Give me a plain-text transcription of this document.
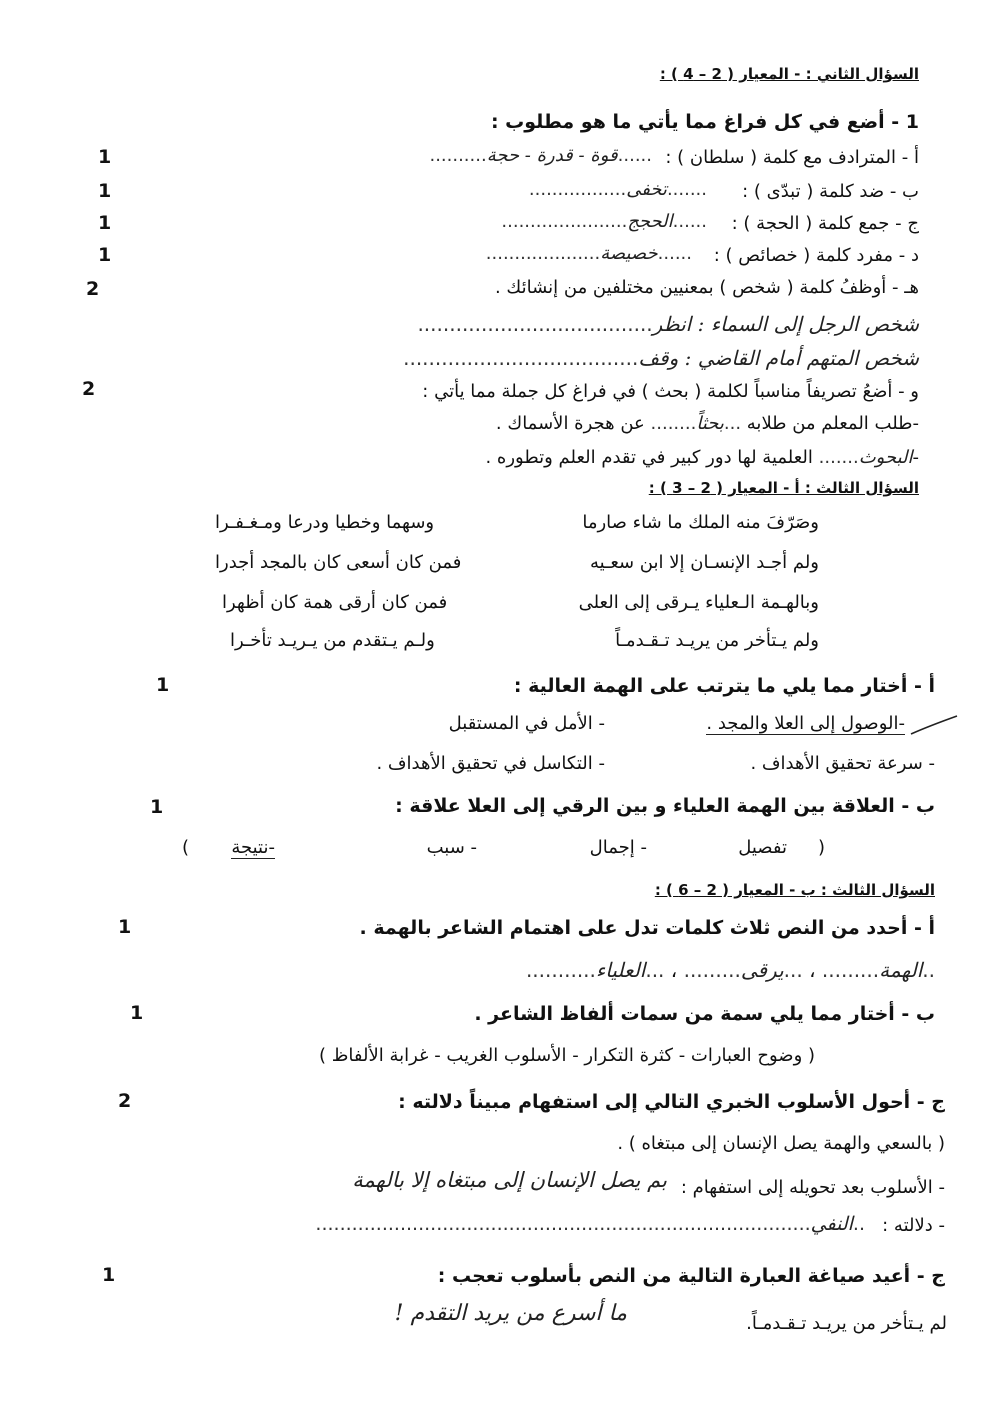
السؤال الثاني : - المعيار ( 2 – 4 ) :
1 - أضع في كل فراغ مما يأتي ما هو مطلوب :
أ - المترادف مع كلمة ( سلطان ) :
......قوة - قدرة - حجة..........
1
ب - ضد كلمة ( تبدّى ) :
.......تخفى.................
1
ج - جمع كلمة ( الحجة ) :
......الحجج......................
1
د - مفرد كلمة ( خصائص ) :
......خصيصة....................
1
هـ - أوظفُ كلمة ( شخص ) بمعنيين مختلفين من إنشائك .
2
شخص الرجل إلى السماء : انظر.....................................
شخص المتهم أمام القاضي : وقف.....................................
و - أضعُ تصريفاً مناسباً لكلمة ( بحث ) في فراغ كل جملة مما يأتي :
2
-طلب المعلم من طلابه ...بحثاً........ عن هجرة الأسماك .
-البحوث....... العلمية لها دور كبير في تقدم العلم وتطوره .
السؤال الثالث : أ - المعيار ( 2 – 3 ) :
وصَرّفَ منه الملك ما شاء صارما
وسهما وخطيا ودرعا ومـغـفـرا
ولم أجـد الإنسـان إلا ابن سعـيه
فمن كان أسعى كان بالمجد أجدرا
وبالهـمة الـعلياء يـرقى إلى العلى
فمن كان أرقى همة كان أظهرا
ولم يـتأخر من يريـد تـقـدمـاً
ولـم يـتقدم من يـريـد تأخـرا
أ - أختار مما يلي ما يترتب على الهمة العالية :
1
-الوصول إلى العلا والمجد .
- الأمل في المستقبل
- سرعة تحقيق الأهداف .
- التكاسل في تحقيق الأهداف .
ب - العلاقة بين الهمة العلياء و بين الرقي إلى العلا علاقة :
1
(
تفصيل
- إجمال
- سبب
-نتيجة
)
السؤال الثالث : ب - المعيار ( 2 – 6 ) :
أ - أحدد من النص ثلاث كلمات تدل على اهتمام الشاعر بالهمة .
1
..الهمة......... ، ...يرقى......... ، ...العلياء...........
ب - أختار مما يلي سمة من سمات ألفاظ الشاعر .
1
( وضوح العبارات - كثرة التكرار - الأسلوب الغريب - غرابة الألفاظ )
ج - أحول الأسلوب الخبري التالي إلى استفهام مبيناً دلالته :
2
( بالسعي والهمة يصل الإنسان إلى مبتغاه ) .
- الأسلوب بعد تحويله إلى استفهام :
بم يصل الإنسان إلى مبتغاه إلا بالهمة
- دلالته :
..النفي..................................................................................
ج - أعيد صياغة العبارة التالية من النص بأسلوب تعجب :
1
لم يـتأخر من يريـد تـقـدمـاً.
ما أسرع من يريد التقدم !
